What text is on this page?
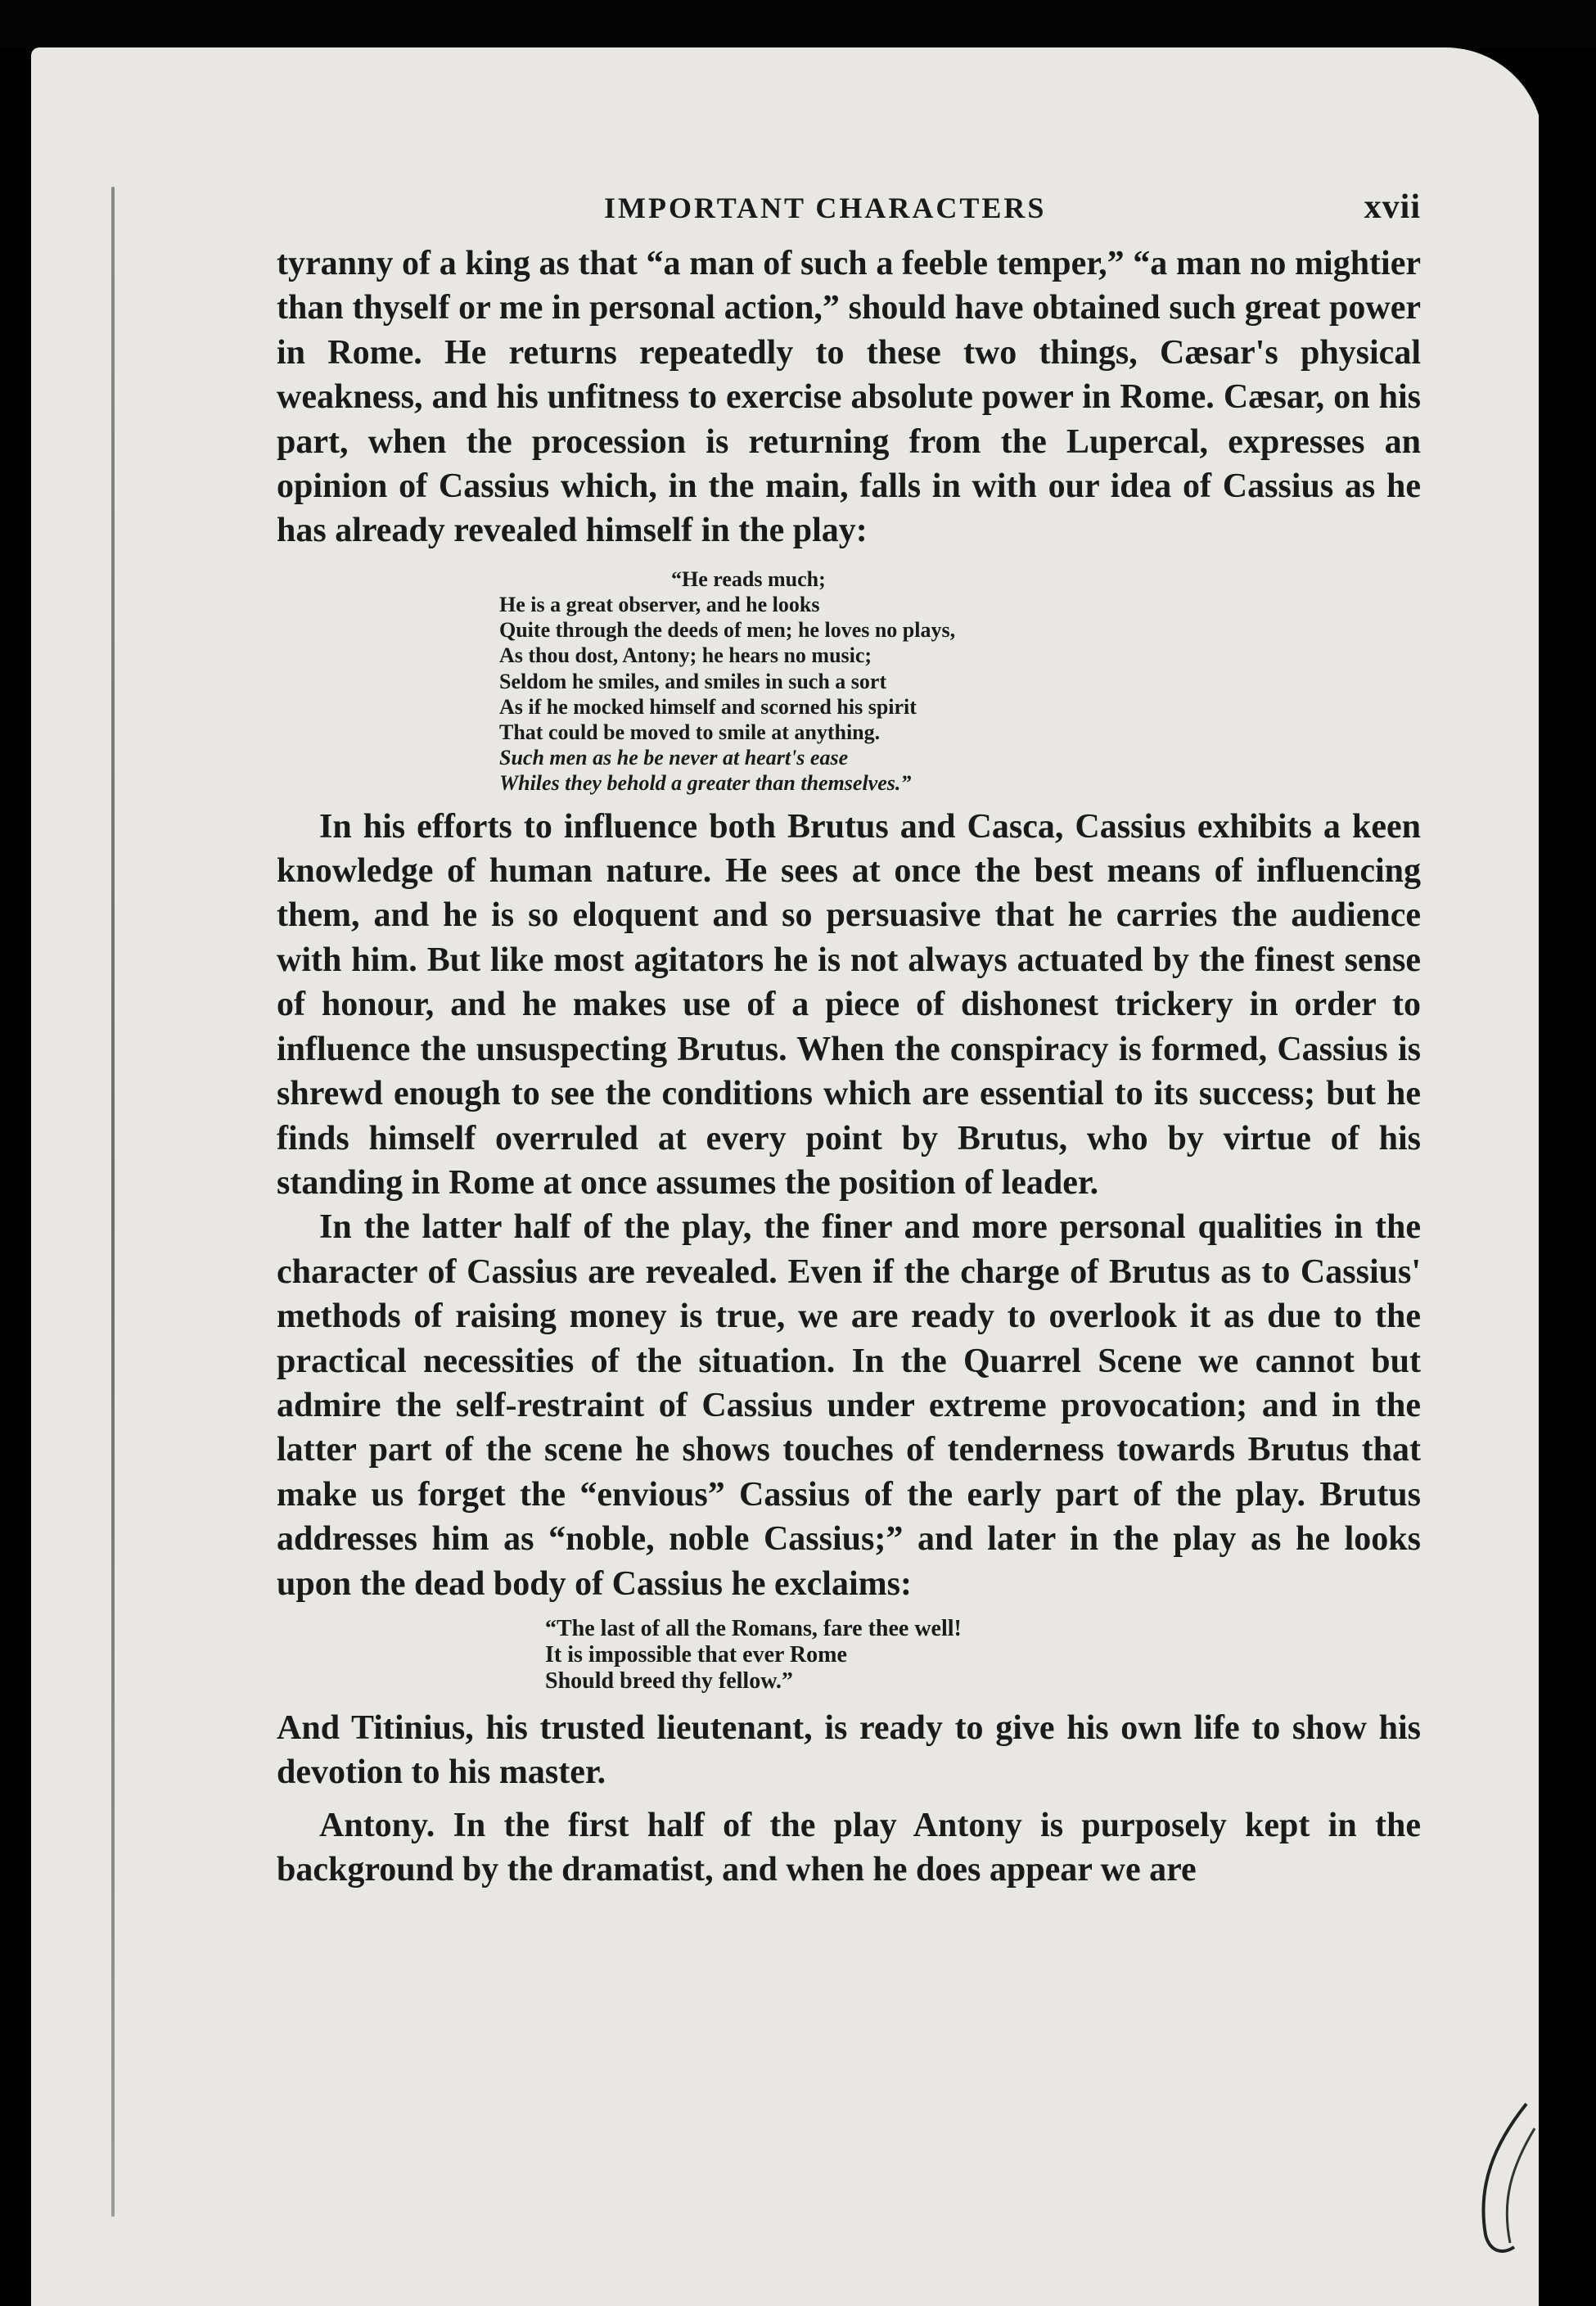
IMPORTANT CHARACTERS	xvii

tyranny of a king as that “a man of such a feeble temper,” “a man no mightier than thyself or me in personal action,” should have obtained such great power in Rome. He returns repeatedly to these two things, Cæsar's physical weakness, and his unfitness to exercise absolute power in Rome. Cæsar, on his part, when the procession is returning from the Lupercal, expresses an opinion of Cassius which, in the main, falls in with our idea of Cassius as he has already revealed himself in the play:

“He reads much;
He is a great observer, and he looks
Quite through the deeds of men; he loves no plays,
As thou dost, Antony; he hears no music;
Seldom he smiles, and smiles in such a sort
As if he mocked himself and scorned his spirit
That could be moved to smile at anything.
Such men as he be never at heart's ease
Whiles they behold a greater than themselves.”

In his efforts to influence both Brutus and Casca, Cassius exhibits a keen knowledge of human nature. He sees at once the best means of influencing them, and he is so eloquent and so persuasive that he carries the audience with him. But like most agitators he is not always actuated by the finest sense of honour, and he makes use of a piece of dishonest trickery in order to influence the unsuspecting Brutus. When the conspiracy is formed, Cassius is shrewd enough to see the conditions which are essential to its success; but he finds himself overruled at every point by Brutus, who by virtue of his standing in Rome at once assumes the position of leader.

In the latter half of the play, the finer and more personal qualities in the character of Cassius are revealed. Even if the charge of Brutus as to Cassius' methods of raising money is true, we are ready to overlook it as due to the practical necessities of the situation. In the Quarrel Scene we cannot but admire the self-restraint of Cassius under extreme provocation; and in the latter part of the scene he shows touches of tenderness towards Brutus that make us forget the “envious” Cassius of the early part of the play. Brutus addresses him as “noble, noble Cassius;” and later in the play as he looks upon the dead body of Cassius he exclaims:

“The last of all the Romans, fare thee well!
It is impossible that ever Rome
Should breed thy fellow.”

And Titinius, his trusted lieutenant, is ready to give his own life to show his devotion to his master.

Antony. In the first half of the play Antony is purposely kept in the background by the dramatist, and when he does appear we are
